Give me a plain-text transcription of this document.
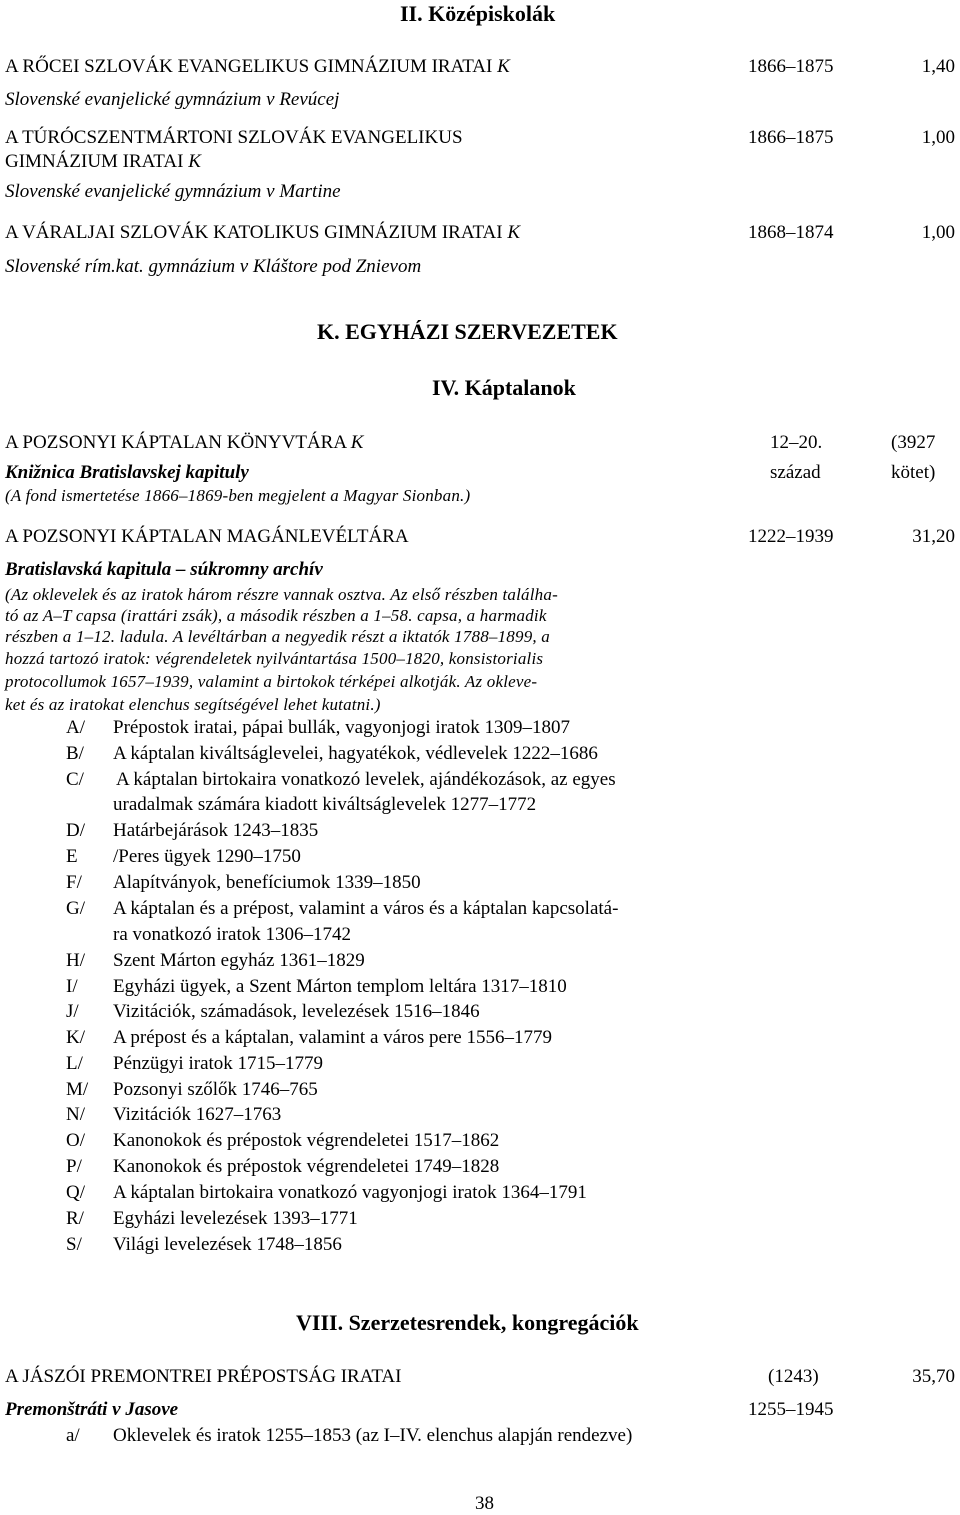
II. Középiskolák
A RŐCEI SZLOVÁK EVANGELIKUS GIMNÁZIUM IRATAI K	1866–1875	1,40
Slovenské evanjelické gymnázium v Revúcej
A TÚRÓCSZENTMÁRTONI SZLOVÁK EVANGELIKUS
GIMNÁZIUM IRATAI K
1866–1875	1,00
Slovenské evanjelické gymnázium v Martine
A VÁRALJAI SZLOVÁK KATOLIKUS GIMNÁZIUM IRATAI K	1868–1874	1,00
Slovenské rím.kat. gymnázium v Kláštore pod Znievom
K. EGYHÁZI SZERVEZETEK
IV. Káptalanok
A POZSONYI KÁPTALAN KÖNYVTÁRA K	12–20.	(3927
Knižnica Bratislavskej kapituly	század	kötet)
(A fond ismertetése 1866–1869-ben megjelent a Magyar Sionban.)
A POZSONYI KÁPTALAN MAGÁNLEVÉLTÁRA	1222–1939	31,20
Bratislavská kapitula – súkromny archív
(Az oklevelek és az iratok három részre vannak osztva. Az első részben találha-
tó az A–T capsa (irattári zsák), a második részben a 1–58. capsa, a harmadik
részben a 1–12. ladula. A levéltárban a negyedik részt a iktatók 1788–1899, a
hozzá tartozó iratok: végrendeletek nyilvántartása 1500–1820, konsistorialis
protocollumok 1657–1939, valamint a birtokok térképei alkotják. Az okleve-
ket és az iratokat elenchus segítségével lehet kutatni.)
A/ Prépostok iratai, pápai bullák, vagyonjogi iratok 1309–1807
B/ A káptalan kiváltságlevelei, hagyatékok, védlevelek 1222–1686
C/ A káptalan birtokaira vonatkozó levelek, ajándékozások, az egyes
uradalmak számára kiadott kiváltságlevelek 1277–1772
D/ Határbejárások 1243–1835
E /Peres ügyek 1290–1750
F/ Alapítványok, benefíciumok 1339–1850
G/ A káptalan és a prépost, valamint a város és a káptalan kapcsolatá-
ra vonatkozó iratok 1306–1742
H/ Szent Márton egyház 1361–1829
I/ Egyházi ügyek, a Szent Márton templom leltára 1317–1810
J/ Vizitációk, számadások, levelezések 1516–1846
K/ A prépost és a káptalan, valamint a város pere 1556–1779
L/ Pénzügyi iratok 1715–1779
M/ Pozsonyi szőlők 1746–765
N/ Vizitációk 1627–1763
O/ Kanonokok és prépostok végrendeletei 1517–1862
P/ Kanonokok és prépostok végrendeletei 1749–1828
Q/ A káptalan birtokaira vonatkozó vagyonjogi iratok 1364–1791
R/ Egyházi levelezések 1393–1771
S/ Világi levelezések 1748–1856
VIII. Szerzetesrendek, kongregációk
A JÁSZÓI PREMONTREI PRÉPOSTSÁG IRATAI	(1243)	35,70
Premonštráti v Jasove	1255–1945
a/ Oklevelek és iratok 1255–1853 (az I–IV. elenchus alapján rendezve)
38
